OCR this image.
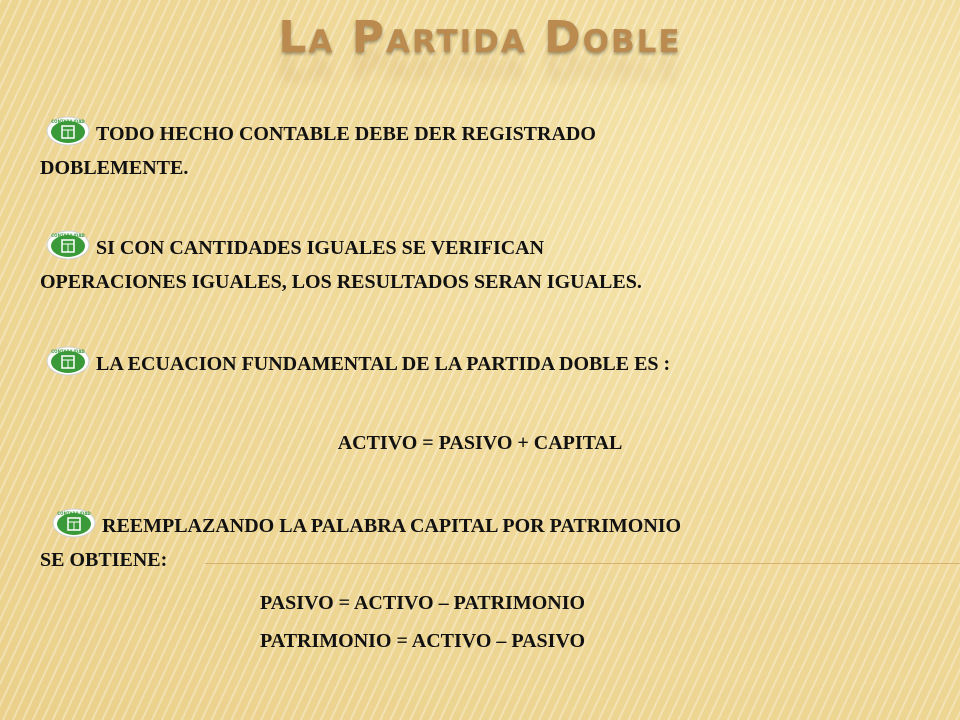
La Partida Doble
CONTABILIDAD
TODO HECHO CONTABLE DEBE DER REGISTRADO
DOBLEMENTE.
CONTABILIDAD
SI CON CANTIDADES IGUALES SE VERIFICAN
OPERACIONES IGUALES, LOS RESULTADOS SERAN IGUALES.
CONTABILIDAD
LA ECUACION FUNDAMENTAL DE LA PARTIDA DOBLE ES :
ACTIVO = PASIVO + CAPITAL
CONTABILIDAD
REEMPLAZANDO LA PALABRA CAPITAL POR PATRIMONIO
SE OBTIENE:
PASIVO = ACTIVO – PATRIMONIO
PATRIMONIO = ACTIVO – PASIVO
